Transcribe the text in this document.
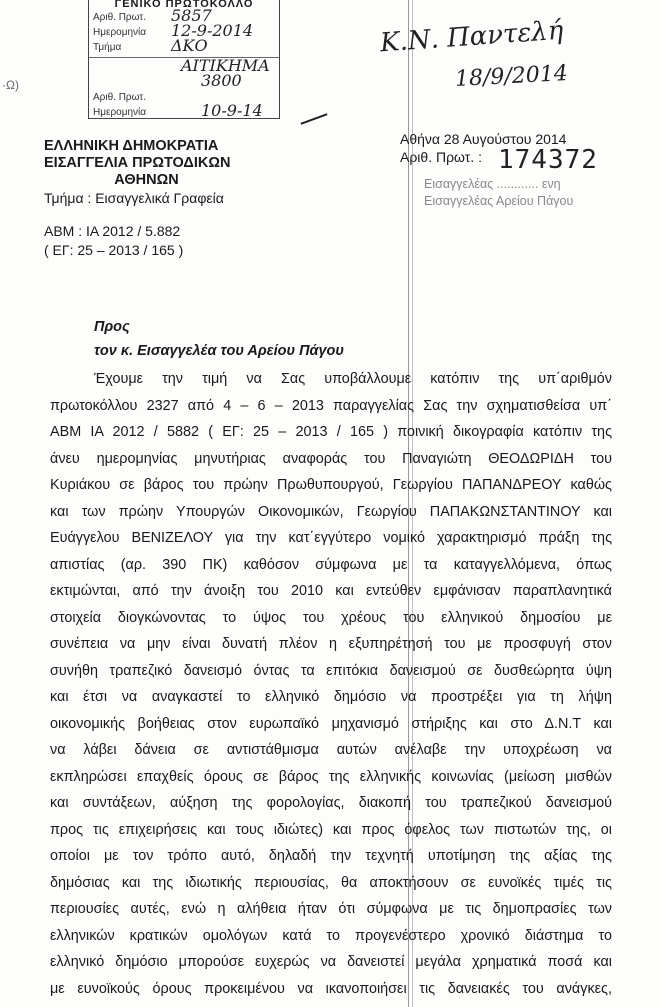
·Ω)
ΓΕΝΙΚΟ ΠΡΩΤΟΚΟΛΛΟ
Αριθ. Πρωτ. 5857
Ημερομηνία 12-9-2014
Τμήμα	ΔΚΟ
ΑΙΤΙΚΗΜΑ
3800
Αριθ. Πρωτ.
Ημερομηνία	10-9-14
Κ.Ν. Παντελή
18/9/2014
ΕΛΛΗΝΙΚΗ ΔΗΜΟΚΡΑΤΙΑ
ΕΙΣΑΓΓΕΛΙΑ ΠΡΩΤΟΔΙΚΩΝ
ΑΘΗΝΩΝ
Τμήμα : Εισαγγελικά Γραφεία
ΑΒΜ : ΙΑ 2012 / 5.882
( ΕΓ: 25 – 2013 / 165 )
Αθήνα 28 Αυγούστου 2014
Αριθ. Πρωτ. : 174372
Εισαγγελέας ............ ενη
Εισαγγελέας Αρείου Πάγου
Προς
τον κ. Εισαγγελέα του Αρείου Πάγου
Έχουμε την τιμή να Σας υποβάλλουμε κατόπιν της υπ΄αριθμόν
πρωτοκόλλου 2327 από 4 – 6 – 2013 παραγγελίας Σας την σχηματισθείσα υπ΄
ΑΒΜ ΙΑ 2012 / 5882 ( ΕΓ: 25 – 2013 / 165 ) ποινική δικογραφία κατόπιν της
άνευ ημερομηνίας μηνυτήριας αναφοράς του Παναγιώτη ΘΕΟΔΩΡΙΔΗ του
Κυριάκου σε βάρος του πρώην Πρωθυπουργού, Γεωργίου ΠΑΠΑΝΔΡΕΟΥ καθώς
και των πρώην Υπουργών Οικονομικών, Γεωργίου ΠΑΠΑΚΩΝΣΤΑΝΤΙΝΟΥ και
Ευάγγελου ΒΕΝΙΖΕΛΟΥ για την κατ΄εγγύτερο νομικό χαρακτηρισμό πράξη της
απιστίας (αρ. 390 ΠΚ) καθόσον σύμφωνα με τα καταγγελλόμενα, όπως
εκτιμώνται, από την άνοιξη του 2010 και εντεύθεν εμφάνισαν παραπλανητικά
στοιχεία διογκώνοντας το ύψος του χρέους του ελληνικού δημοσίου με
συνέπεια να μην είναι δυνατή πλέον η εξυπηρέτησή του με προσφυγή στον
συνήθη τραπεζικό δανεισμό όντας τα επιτόκια δανεισμού σε δυσθεώρητα ύψη
και έτσι να αναγκαστεί το ελληνικό δημόσιο να προστρέξει για τη λήψη
οικονομικής βοήθειας στον ευρωπαϊκό μηχανισμό στήριξης και στο Δ.Ν.Τ και
να λάβει δάνεια σε αντιστάθμισμα αυτών ανέλαβε την υποχρέωση να
εκπληρώσει επαχθείς όρους σε βάρος της ελληνικής κοινωνίας (μείωση μισθών
και συντάξεων, αύξηση της φορολογίας, διακοπή του τραπεζικού δανεισμού
προς τις επιχειρήσεις και τους ιδιώτες) και προς όφελος των πιστωτών της, οι
οποίοι με τον τρόπο αυτό, δηλαδή την τεχνητή υποτίμηση της αξίας της
δημόσιας και της ιδιωτικής περιουσίας, θα αποκτήσουν σε ευνοϊκές τιμές τις
περιουσίες αυτές, ενώ η αλήθεια ήταν ότι σύμφωνα με τις δημοπρασίες των
ελληνικών κρατικών ομολόγων κατά το προγενέστερο χρονικό διάστημα το
ελληνικό δημόσιο μπορούσε ευχερώς να δανειστεί μεγάλα χρηματικά ποσά και
με ευνοϊκούς όρους προκειμένου να ικανοποιήσει τις δανειακές του ανάγκες,
